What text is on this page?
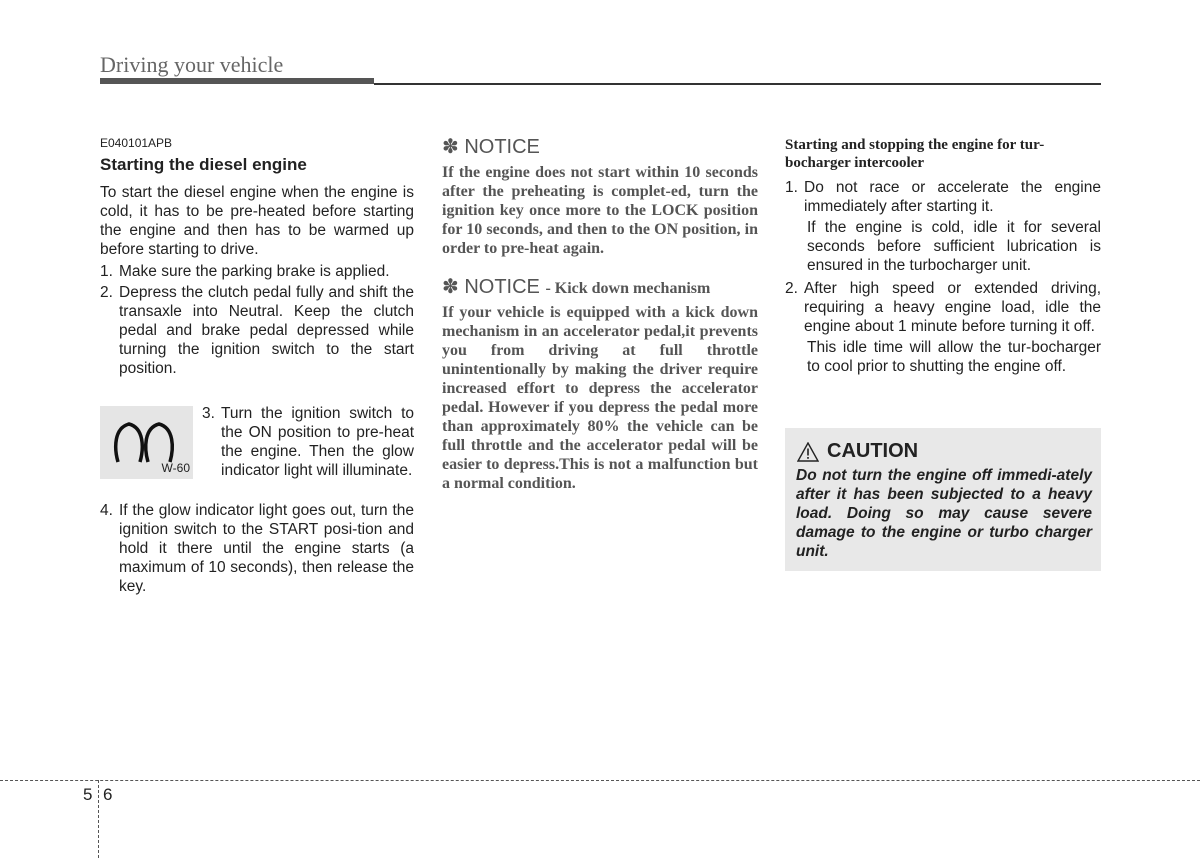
Driving your vehicle
E040101APB
Starting the diesel engine
To start the diesel engine when the engine is cold, it has to be pre-heated before starting the engine and then has to be warmed up before starting to drive.
1. Make sure the parking brake is applied.
2. Depress the clutch pedal fully and shift the transaxle into Neutral. Keep the clutch pedal and brake pedal depressed while turning the ignition switch to the start position.
W-60
3. Turn the ignition switch to the ON position to pre-heat the engine. Then the glow indicator light will illuminate.
4. If the glow indicator light goes out, turn the ignition switch to the START posi-tion and hold it there until the engine starts (a maximum of 10 seconds), then release the key.
✽ NOTICE
If the engine does not start within 10 seconds after the preheating is complet-ed, turn the ignition key once more to the LOCK position for 10 seconds, and then to the ON position, in order to pre-heat again.
✽ NOTICE - Kick down mechanism
If your vehicle is equipped with a kick down mechanism in an accelerator pedal,it prevents you from driving at full throttle unintentionally by making the driver require increased effort to depress the accelerator pedal. However if you depress the pedal more than approximately 80% the vehicle can be full throttle and the accelerator pedal will be easier to depress.This is not a malfunction but a normal condition.
Starting and stopping the engine for tur-bocharger intercooler
1. Do not race or accelerate the engine immediately after starting it.
If the engine is cold, idle it for several seconds before sufficient lubrication is ensured in the turbocharger unit.
2. After high speed or extended driving, requiring a heavy engine load, idle the engine about 1 minute before turning it off.
This idle time will allow the tur-bocharger to cool prior to shutting the engine off.
CAUTION
Do not turn the engine off immedi-ately after it has been subjected to a heavy load. Doing so may cause severe damage to the engine or turbo charger unit.
5 6
